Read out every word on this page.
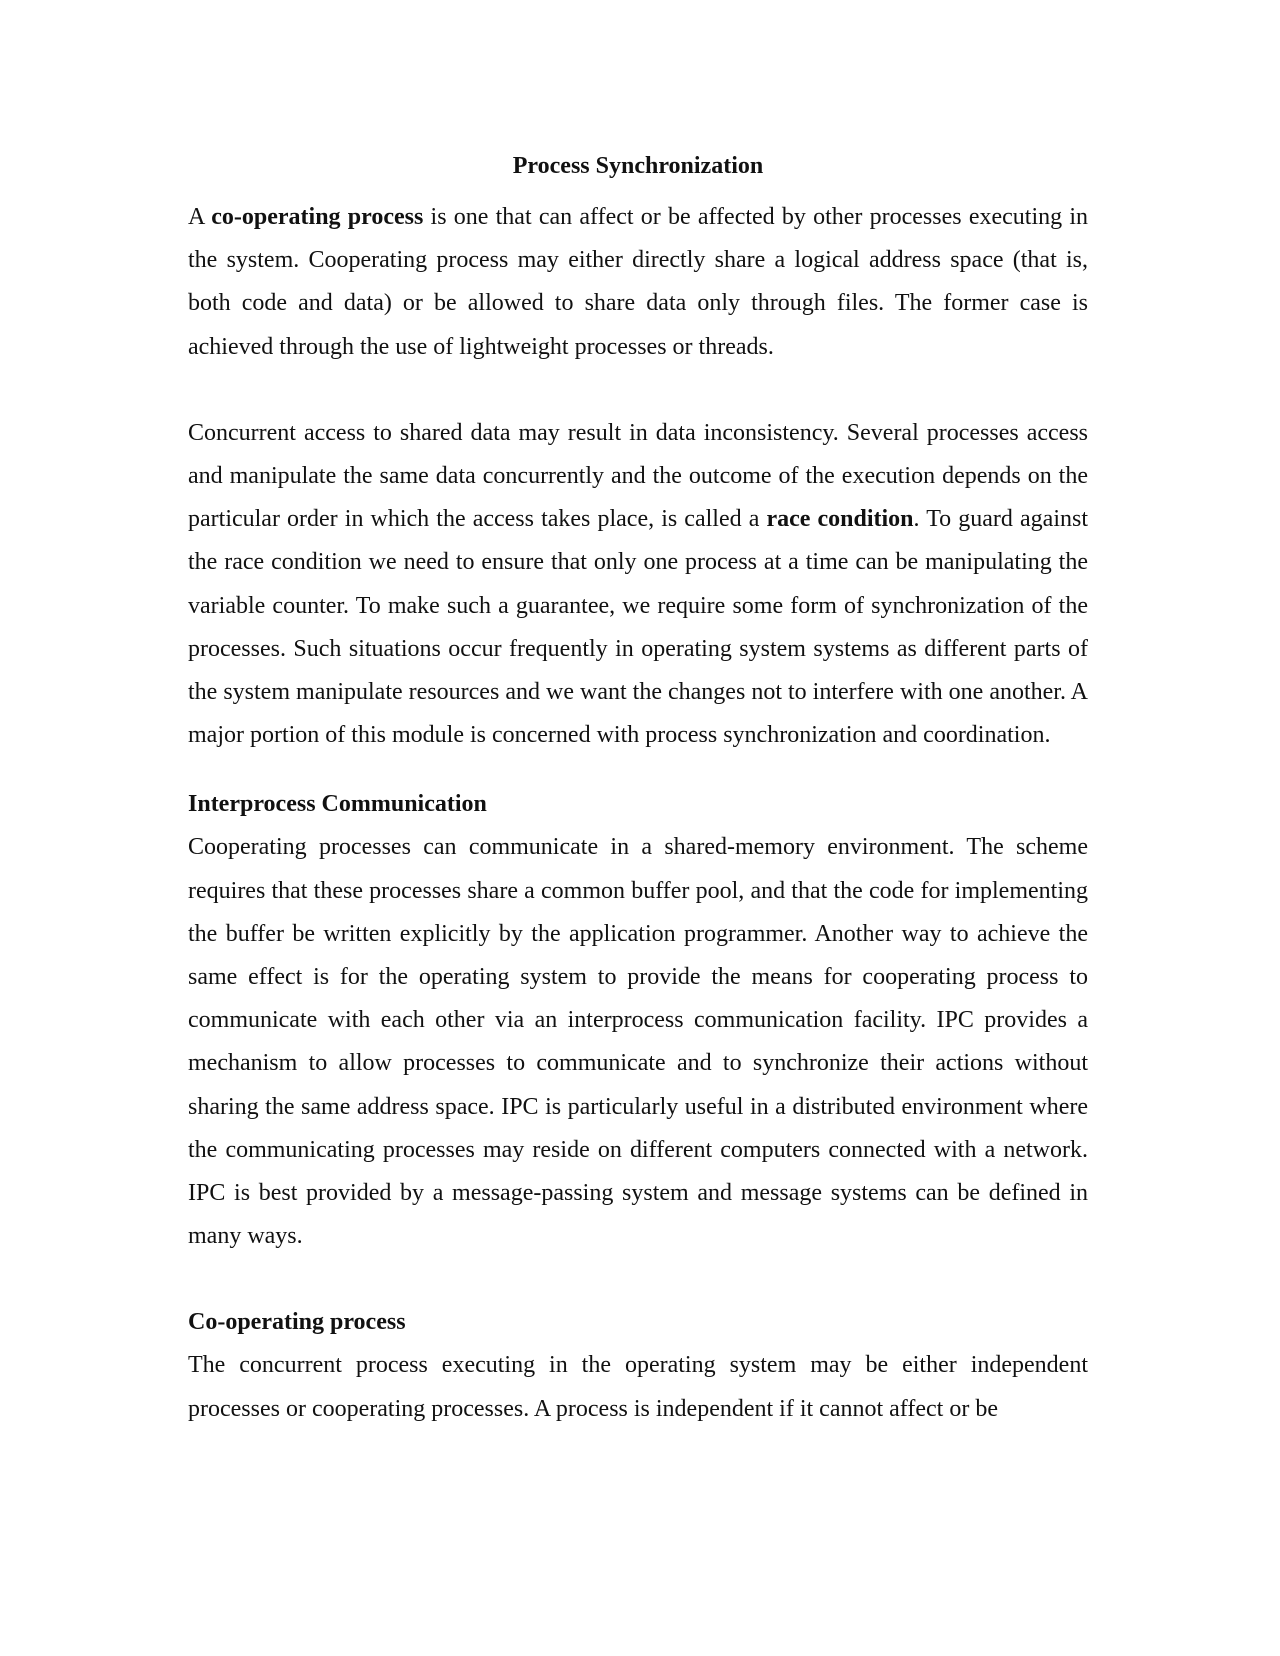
Process Synchronization

A co-operating process is one that can affect or be affected by other processes executing in the system. Cooperating process may either directly share a logical address space (that is, both code and data) or be allowed to share data only through files. The former case is achieved through the use of lightweight processes or threads.

Concurrent access to shared data may result in data inconsistency. Several processes access and manipulate the same data concurrently and the outcome of the execution depends on the particular order in which the access takes place, is called a race condition. To guard against the race condition we need to ensure that only one process at a time can be manipulating the variable counter. To make such a guarantee, we require some form of synchronization of the processes. Such situations occur frequently in operating system systems as different parts of the system manipulate resources and we want the changes not to interfere with one another. A major portion of this module is concerned with process synchronization and coordination.

Interprocess Communication

Cooperating processes can communicate in a shared-memory environment. The scheme requires that these processes share a common buffer pool, and that the code for implementing the buffer be written explicitly by the application programmer. Another way to achieve the same effect is for the operating system to provide the means for cooperating process to communicate with each other via an interprocess communication facility. IPC provides a mechanism to allow processes to communicate and to synchronize their actions without sharing the same address space. IPC is particularly useful in a distributed environment where the communicating processes may reside on different computers connected with a network. IPC is best provided by a message-passing system and message systems can be defined in many ways.

Co-operating process

The concurrent process executing in the operating system may be either independent processes or cooperating processes. A process is independent if it cannot affect or be
